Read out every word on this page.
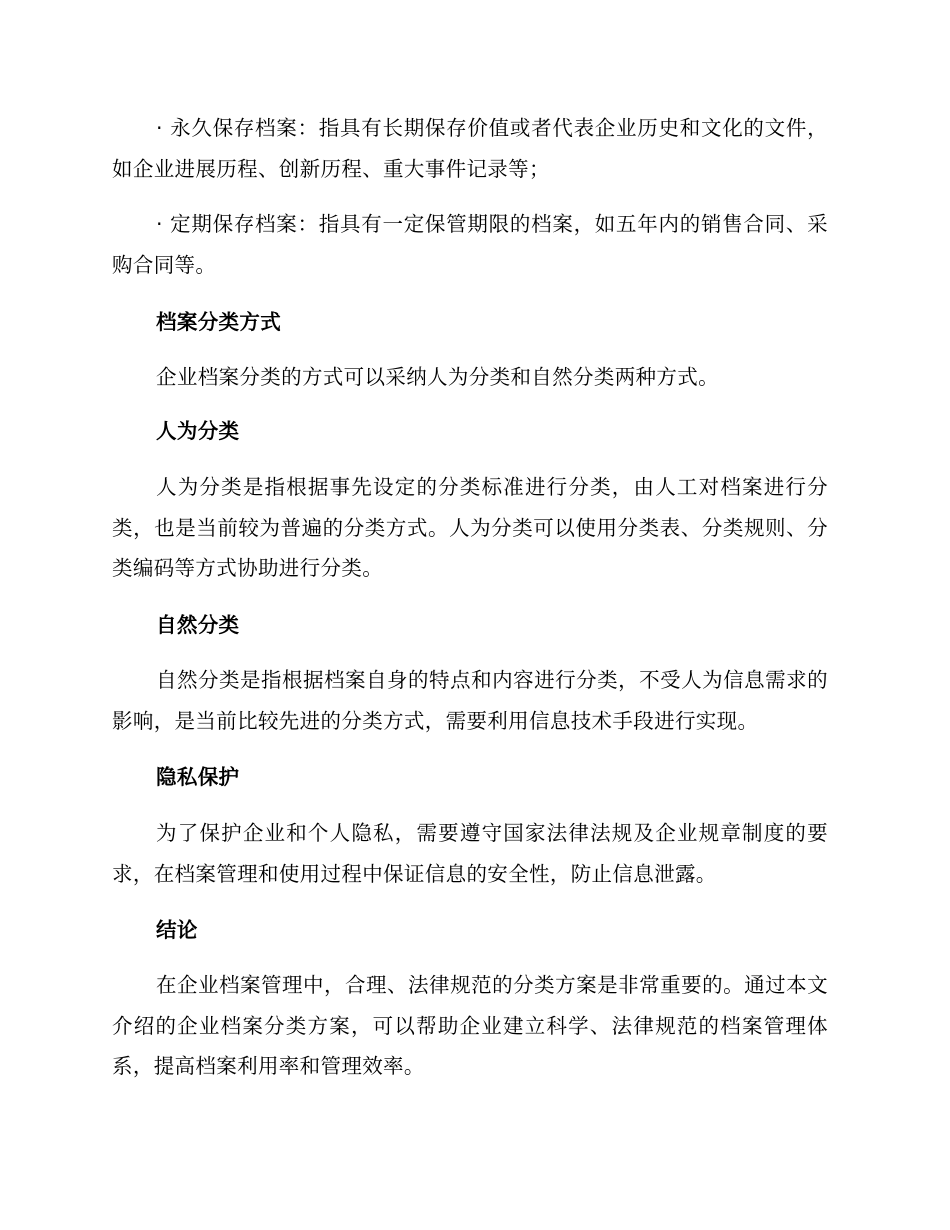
· 永久保存档案：指具有长期保存价值或者代表企业历史和文化的文件，如企业进展历程、创新历程、重大事件记录等；

· 定期保存档案：指具有一定保管期限的档案，如五年内的销售合同、采购合同等。

档案分类方式

企业档案分类的方式可以采纳人为分类和自然分类两种方式。

人为分类

人为分类是指根据事先设定的分类标准进行分类，由人工对档案进行分类，也是当前较为普遍的分类方式。人为分类可以使用分类表、分类规则、分类编码等方式协助进行分类。

自然分类

自然分类是指根据档案自身的特点和内容进行分类，不受人为信息需求的影响，是当前比较先进的分类方式，需要利用信息技术手段进行实现。

隐私保护

为了保护企业和个人隐私，需要遵守国家法律法规及企业规章制度的要求，在档案管理和使用过程中保证信息的安全性，防止信息泄露。

结论

在企业档案管理中，合理、法律规范的分类方案是非常重要的。通过本文介绍的企业档案分类方案，可以帮助企业建立科学、法律规范的档案管理体系，提高档案利用率和管理效率。
